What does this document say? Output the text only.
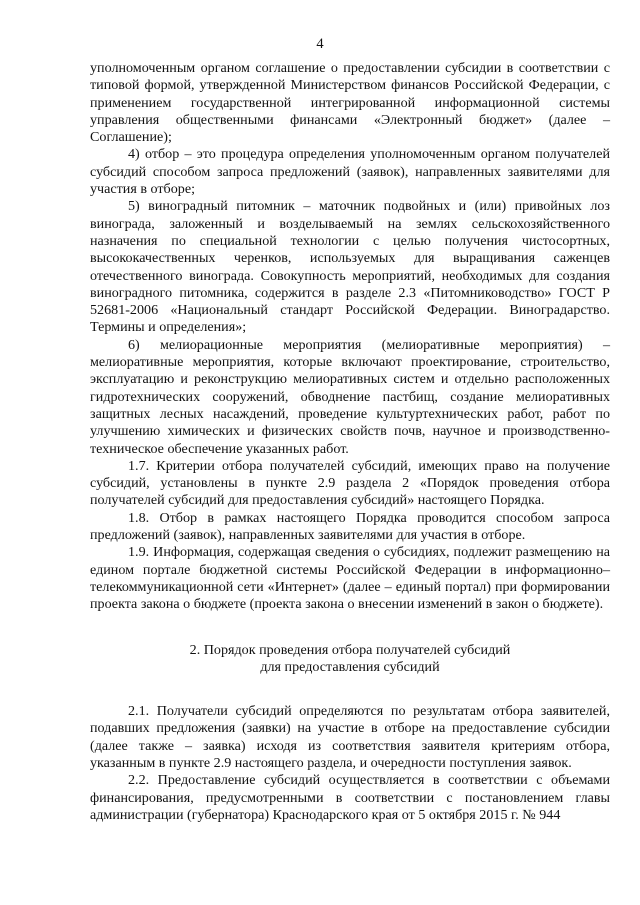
4

уполномоченным органом соглашение о предоставлении субсидии в соответствии с типовой формой, утвержденной Министерством финансов Российской Федерации, с применением государственной интегрированной информационной системы управления общественными финансами «Электронный бюджет» (далее – Соглашение);

4) отбор – это процедура определения уполномоченным органом получателей субсидий способом запроса предложений (заявок), направленных заявителями для участия в отборе;

5) виноградный питомник – маточник подвойных и (или) привойных лоз винограда, заложенный и возделываемый на землях сельскохозяйственного назначения по специальной технологии с целью получения чистосортных, высококачественных черенков, используемых для выращивания саженцев отечественного винограда. Совокупность мероприятий, необходимых для создания виноградного питомника, содержится в разделе 2.3 «Питомниководство» ГОСТ Р 52681-2006 «Национальный стандарт Российской Федерации. Виноградарство. Термины и определения»;

6) мелиорационные мероприятия (мелиоративные мероприятия) – мелиоративные мероприятия, которые включают проектирование, строительство, эксплуатацию и реконструкцию мелиоративных систем и отдельно расположенных гидротехнических сооружений, обводнение пастбищ, создание мелиоративных защитных лесных насаждений, проведение культуртехнических работ, работ по улучшению химических и физических свойств почв, научное и производственно-техническое обеспечение указанных работ.

1.7. Критерии отбора получателей субсидий, имеющих право на получение субсидий, установлены в пункте 2.9 раздела 2 «Порядок проведения отбора получателей субсидий для предоставления субсидий» настоящего Порядка.

1.8. Отбор в рамках настоящего Порядка проводится способом запроса предложений (заявок), направленных заявителями для участия в отборе.

1.9. Информация, содержащая сведения о субсидиях, подлежит размещению на едином портале бюджетной системы Российской Федерации в информационно–телекоммуникационной сети «Интернет» (далее – единый портал) при формировании проекта закона о бюджете (проекта закона о внесении изменений в закон о бюджете).

2. Порядок проведения отбора получателей субсидий
для предоставления субсидий

2.1. Получатели субсидий определяются по результатам отбора заявителей, подавших предложения (заявки) на участие в отборе на предоставление субсидии (далее также – заявка) исходя из соответствия заявителя критериям отбора, указанным в пункте 2.9 настоящего раздела, и очередности поступления заявок.

2.2. Предоставление субсидий осуществляется в соответствии с объемами финансирования, предусмотренными в соответствии с постановлением главы администрации (губернатора) Краснодарского края от 5 октября 2015 г. № 944
